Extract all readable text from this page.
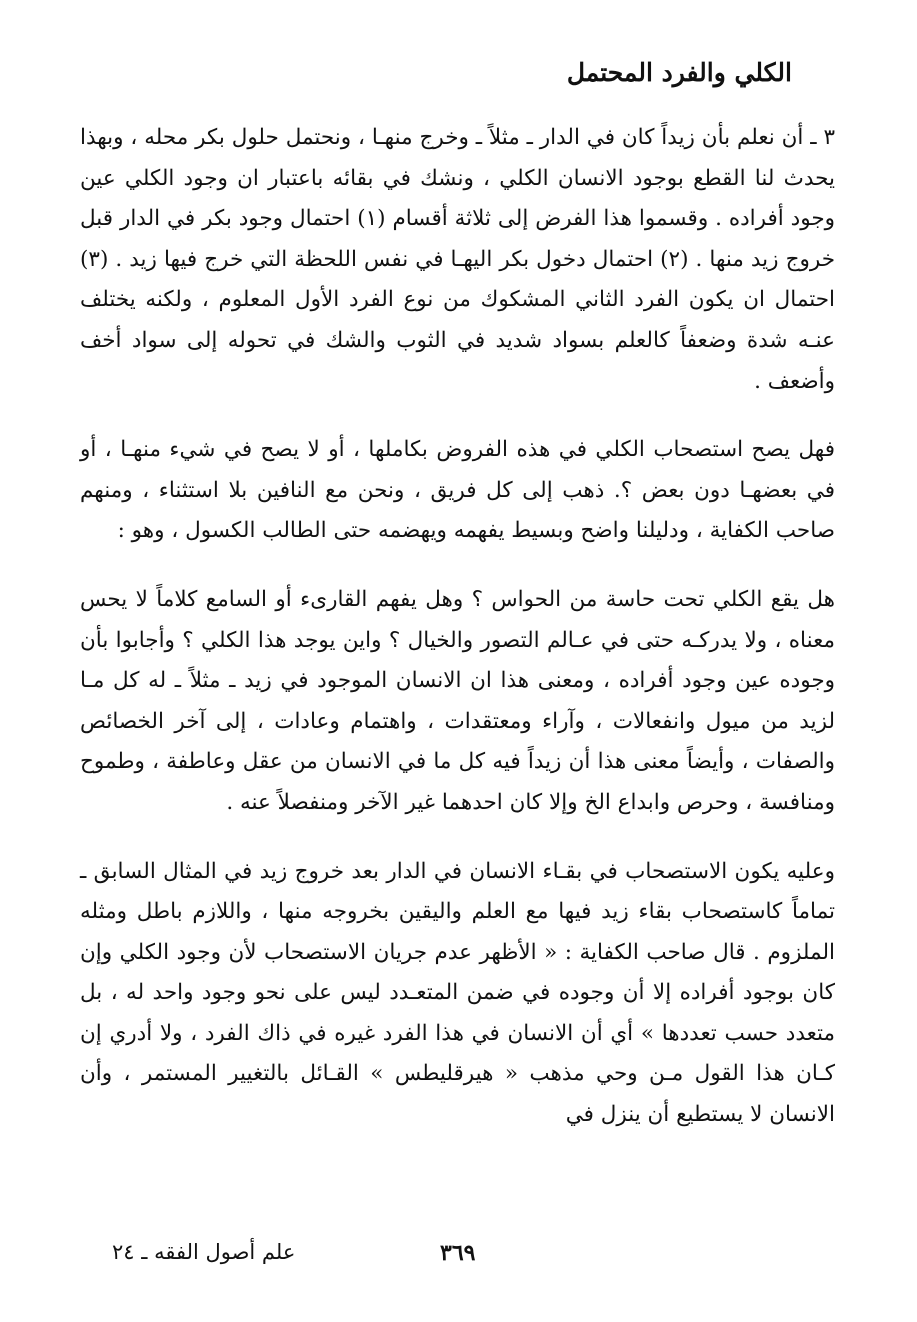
الكلي والفرد المحتمل

٣ ـ أن نعلم بأن زيداً كان في الدار ـ مثلاً ـ وخرج منهـا ، ونحتمل حلول بكر محله ، وبهذا يحدث لنا القطع بوجود الانسان الكلي ، ونشك في بقائه باعتبار ان وجود الكلي عين وجود أفراده . وقسموا هذا الفرض إلى ثلاثة أقسام (١) احتمال وجود بكر في الدار قبل خروج زيد منها . (٢) احتمال دخول بكر اليهـا في نفس اللحظة التي خرج فيها زيد . (٣) احتمال ان يكون الفرد الثاني المشكوك من نوع الفرد الأول المعلوم ، ولكنه يختلف عنـه شدة وضعفاً كالعلم بسواد شديد في الثوب والشك في تحوله إلى سواد أخف وأضعف .

فهل يصح استصحاب الكلي في هذه الفروض بكاملها ، أو لا يصح في شيء منهـا ، أو في بعضهـا دون بعض ؟. ذهب إلى كل فريق ، ونحن مع النافين بلا استثناء ، ومنهم صاحب الكفاية ، ودليلنا واضح وبسيط يفهمه ويهضمه حتى الطالب الكسول ، وهو :

هل يقع الكلي تحت حاسة من الحواس ؟ وهل يفهم القارىء أو السامع كلاماً لا يحس معناه ، ولا يدركـه حتى في عـالم التصور والخيال ؟ واين يوجد هذا الكلي ؟ وأجابوا بأن وجوده عين وجود أفراده ، ومعنى هذا ان الانسان الموجود في زيد ـ مثلاً ـ له كل مـا لزيد من ميول وانفعالات ، وآراء ومعتقدات ، واهتمام وعادات ، إلى آخر الخصائص والصفات ، وأيضاً معنى هذا أن زيداً فيه كل ما في الانسان من عقل وعاطفة ، وطموح ومنافسة ، وحرص وابداع الخ وإلا كان احدهما غير الآخر ومنفصلاً عنه .

وعليه يكون الاستصحاب في بقـاء الانسان في الدار بعد خروج زيد في المثال السابق ـ تماماً كاستصحاب بقاء زيد فيها مع العلم واليقين بخروجه منها ، واللازم باطل ومثله الملزوم . قال صاحب الكفاية : « الأظهر عدم جريان الاستصحاب لأن وجود الكلي وإن كان بوجود أفراده إلا أن وجوده في ضمن المتعـدد ليس على نحو وجود واحد له ، بل متعدد حسب تعددها » أي أن الانسان في هذا الفرد غيره في ذاك الفرد ، ولا أدري إن كـان هذا القول مـن وحي مذهب « هيرقليطس » القـائل بالتغيير المستمر ، وأن الانسان لا يستطيع أن ينزل في

٣٦٩
علم أصول الفقه ـ ٢٤
